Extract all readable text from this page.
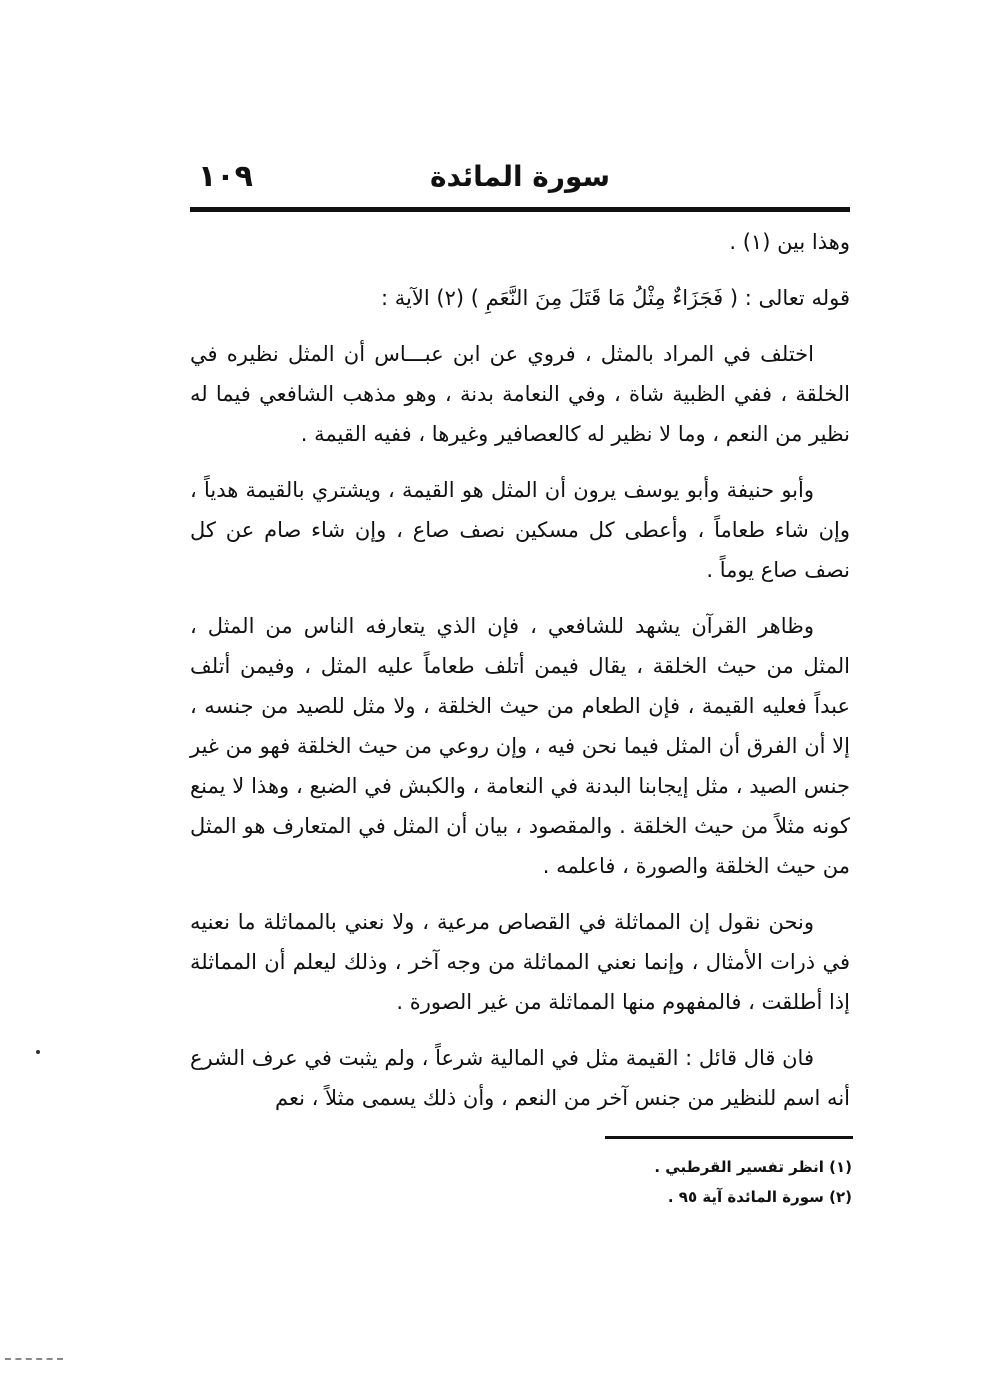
١٠٩	سورة المائدة

وهذا بين (١) .

قوله تعالى : ( فَجَزَاءٌ مِثْلُ مَا قَتَلَ مِنَ النَّعَمِ ) (٢) الآية :

اختلف في المراد بالمثل ، فروي عن ابن عبـــاس أن المثل نظيره في الخلقة ، ففي الظبية شاة ، وفي النعامة بدنة ، وهو مذهب الشافعي فيما له نظير من النعم ، وما لا نظير له كالعصافير وغيرها ، ففيه القيمة .

وأبو حنيفة وأبو يوسف يرون أن المثل هو القيمة ، ويشتري بالقيمة هدياً ، وإن شاء طعاماً ، وأعطى كل مسكين نصف صاع ، وإن شاء صام عن كل نصف صاع يوماً .

وظاهر القرآن يشهد للشافعي ، فإن الذي يتعارفه الناس من المثل ، المثل من حيث الخلقة ، يقال فيمن أتلف طعاماً عليه المثل ، وفيمن أتلف عبداً فعليه القيمة ، فإن الطعام من حيث الخلقة ، ولا مثل للصيد من جنسه ، إلا أن الفرق أن المثل فيما نحن فيه ، وإن روعي من حيث الخلقة فهو من غير جنس الصيد ، مثل إيجابنا البدنة في النعامة ، والكبش في الضبع ، وهذا لا يمنع كونه مثلاً من حيث الخلقة . والمقصود ، بيان أن المثل في المتعارف هو المثل من حيث الخلقة والصورة ، فاعلمه .

ونحن نقول إن المماثلة في القصاص مرعية ، ولا نعني بالمماثلة ما نعنيه في ذرات الأمثال ، وإنما نعني المماثلة من وجه آخر ، وذلك ليعلم أن المماثلة إذا أطلقت ، فالمفهوم منها المماثلة من غير الصورة .

فان قال قائل : القيمة مثل في المالية شرعاً ، ولم يثبت في عرف الشرع أنه اسم للنظير من جنس آخر من النعم ، وأن ذلك يسمى مثلاً ، نعم

(١) انظر تفسير القرطبي .
(٢) سورة المائدة آية ٩٥ .
